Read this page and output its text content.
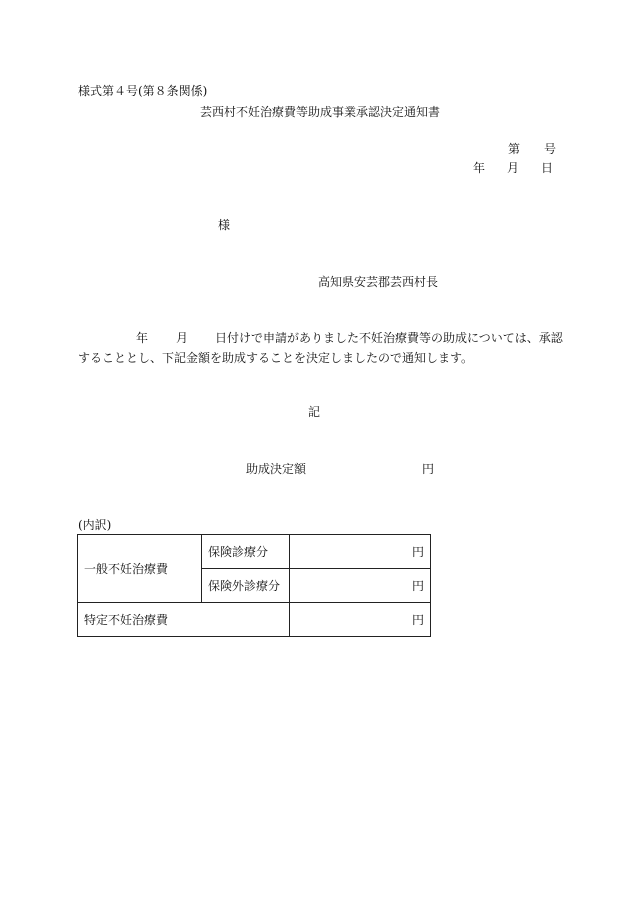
様式第４号(第８条関係)
芸西村不妊治療費等助成事業承認決定通知書
第 号
年 月 日
様
高知県安芸郡芸西村長
年 月 日付けで申請がありました不妊治療費等の助成については、承認
することとし、下記金額を助成することを決定しましたので通知します。
記
助成決定額	円
(内訳)
一般不妊治療費	保険診療分	円
	保険外診療分	円
特定不妊治療費		円
